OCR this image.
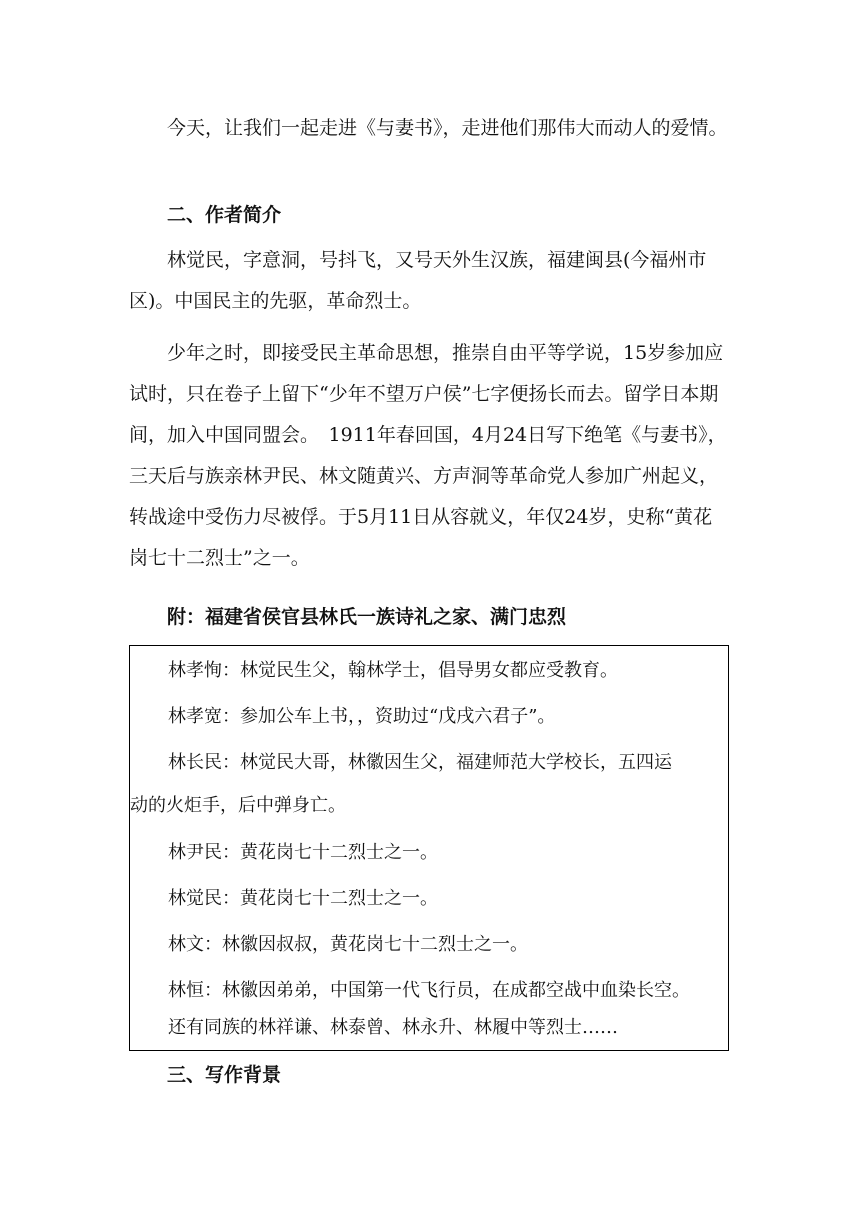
今天，让我们一起走进《与妻书》，走进他们那伟大而动人的爱情。

二、作者简介

林觉民，字意洞，号抖飞，又号天外生汉族，福建闽县(今福州市区)。中国民主的先驱，革命烈士。

少年之时，即接受民主革命思想，推崇自由平等学说，15岁参加应试时，只在卷子上留下“少年不望万户侯”七字便扬长而去。留学日本期间，加入中国同盟会。　1911年春回国，4月24日写下绝笔《与妻书》，三天后与族亲林尹民、林文随黄兴、方声洞等革命党人参加广州起义，转战途中受伤力尽被俘。于5月11日从容就义，年仅24岁，史称“黄花岗七十二烈士”之一。

附：福建省侯官县林氏一族诗礼之家、满门忠烈

林孝恂：林觉民生父，翰林学士，倡导男女都应受教育。

林孝宽：参加公车上书，，资助过“戊戌六君子”。

林长民：林觉民大哥，林徽因生父，福建师范大学校长，五四运

动的火炬手，后中弹身亡。

林尹民：黄花岗七十二烈士之一。

林觉民：黄花岗七十二烈士之一。

林文：林徽因叔叔，黄花岗七十二烈士之一。

林恒：林徽因弟弟，中国第一代飞行员，在成都空战中血染长空。

还有同族的林祥谦、林泰曾、林永升、林履中等烈士……

三、写作背景
